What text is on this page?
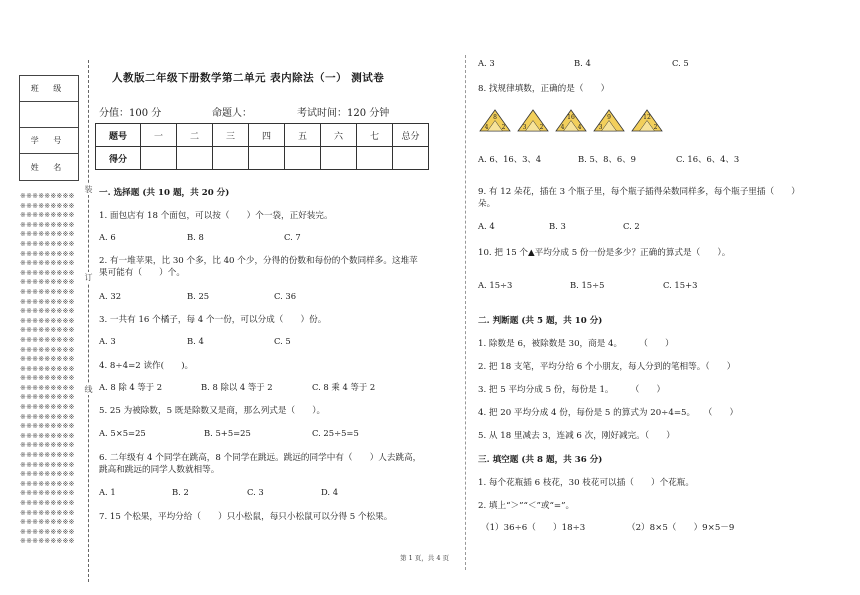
班 级
学 号
姓 名
※※※※※※※※※※※※※※※※※※※※※※※※※※※※※※※※※※※※※※※※※※※※※※※※※※※※※※※※※※※※※※※※※※※※※※※※※※※※※※※※※※※※※※※※※※※※※※※※※※※※※※※※※※※※※※※※※※※※※※※※※※※※※※※※※※※※※※※※※※※※※※※※※※※※※※※※※※※※※※※※※※※※※※※※※※※※※※※※※※※※※※※※※※※※※※※※※※※※※※※※※※※※※※※※※※※※※※※※※※※※※※※※※※※※※※※※※※※※※※※※※※※※※※※※※※※※※※※※※※※※※※※※※※※※※※※※※※※※※※※※※※※※※※※※※※※※※※※※※※※※※※※※※※※※※※※※※※※※※※※※※※※※※※※※※※※※※
装
订
线
人教版二年级下册数学第二单元 表内除法（一） 测试卷
分值：100 分	命题人：	考试时间：120 分钟
题号	一	二	三	四	五	六	七	总分
得分								
一. 选择题 (共 10 题，共 20 分)
1. 面包店有 18 个面包，可以按（　　）个一袋，正好装完。
A. 6	B. 8	C. 7
2. 有一堆苹果，比 30 个多，比 40 个少，分得的份数和每份的个数同样多。这堆苹
果可能有（　　）个。
A. 32	B. 25	C. 36
3. 一共有 16 个橘子，每 4 个一份，可以分成（　　）份。
A. 3	B. 4	C. 5
4. 8÷4=2 读作(　　)。
A. 8 除 4 等于 2	B. 8 除以 4 等于 2	C. 8 乘 4 等于 2
5. 25 为被除数，5 既是除数又是商，那么列式是（　　）。
A. 5×5=25	B. 5+5=25	C. 25÷5=5
6. 二年级有 4 个同学在跳高，8 个同学在跳远。跳远的同学中有（　　）人去跳高，
跳高和跳远的同学人数就相等。
A. 1	B. 2	C. 3	D. 4
7. 15 个松果，平均分给（　　）只小松鼠，每只小松鼠可以分得 5 个松果。
A. 3	B. 4	C. 5
8. 找规律填数，正确的是（　　）
8
4 2	3 2
16
4 4
9
3
12
2
A. 6、16、3、4	B. 5、8、6、9	C. 16、6、4、3
9. 有 12 朵花，插在 3 个瓶子里，每个瓶子插得朵数同样多，每个瓶子里插（　　）
朵。
A. 4	B. 3	C. 2
10. 把 15 个▲平均分成 5 份一份是多少？正确的算式是（　　）。
A. 15÷3	B. 15÷5	C. 15+3
二. 判断题 (共 5 题，共 10 分)
1. 除数是 6，被除数是 30，商是 4。　　　（　　）
2. 把 18 支笔，平均分给 6 个小朋友，每人分到的笔相等。（　　）
3. 把 5 平均分成 5 份，每份是 1。　　　（　　）
4. 把 20 平均分成 4 份，每份是 5 的算式为 20÷4=5。　　（　　）
5. 从 18 里减去 3，连减 6 次，刚好减完。（　　）
三. 填空题 (共 8 题，共 36 分)
1. 每个花瓶插 6 枝花，30 枝花可以插（　　）个花瓶。
2. 填上“＞”“＜”或“=”。
（1）36÷6（　　）18÷3	（2）8×5（　　）9×5－9
第 1 页，共 4 页
